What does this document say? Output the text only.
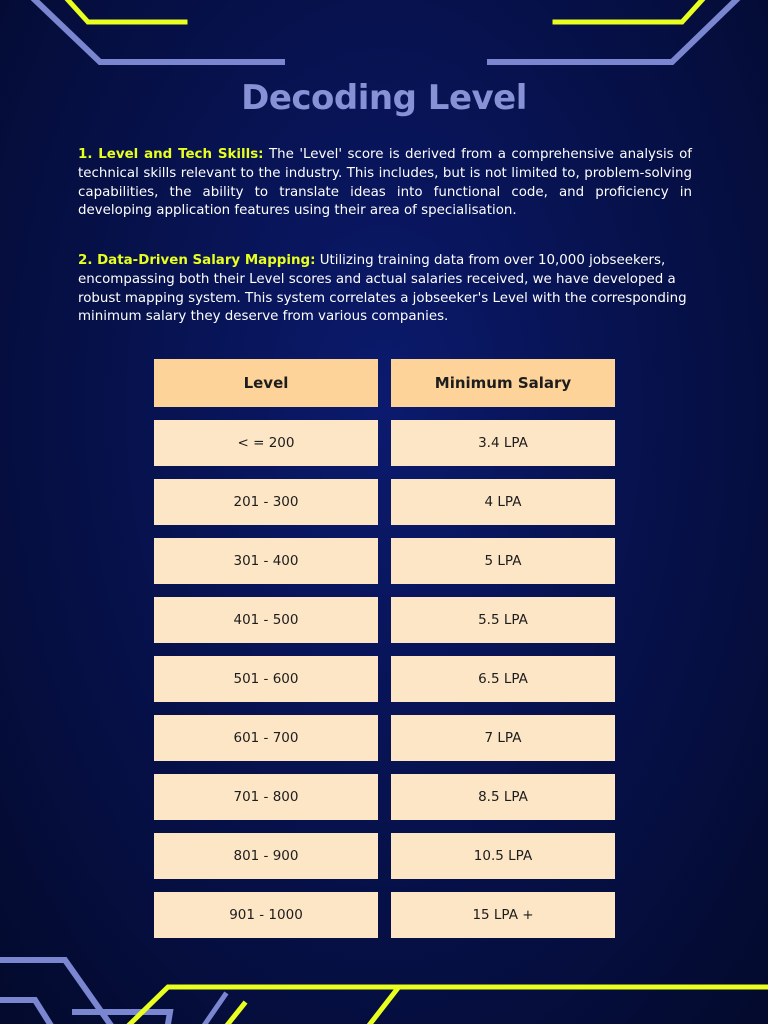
Decoding Level

1. Level and Tech Skills: The 'Level' score is derived from a comprehensive analysis of technical skills relevant to the industry. This includes, but is not limited to, problem-solving capabilities, the ability to translate ideas into functional code, and proficiency in developing application features using their area of specialisation.

2. Data-Driven Salary Mapping: Utilizing training data from over 10,000 jobseekers, encompassing both their Level scores and actual salaries received, we have developed a robust mapping system. This system correlates a jobseeker's Level with the corresponding minimum salary they deserve from various companies.

Level	Minimum Salary
< = 200	3.4 LPA
201 - 300	4 LPA
301 - 400	5 LPA
401 - 500	5.5 LPA
501 - 600	6.5 LPA
601 - 700	7 LPA
701 - 800	8.5 LPA
801 - 900	10.5 LPA
901 - 1000	15 LPA +
